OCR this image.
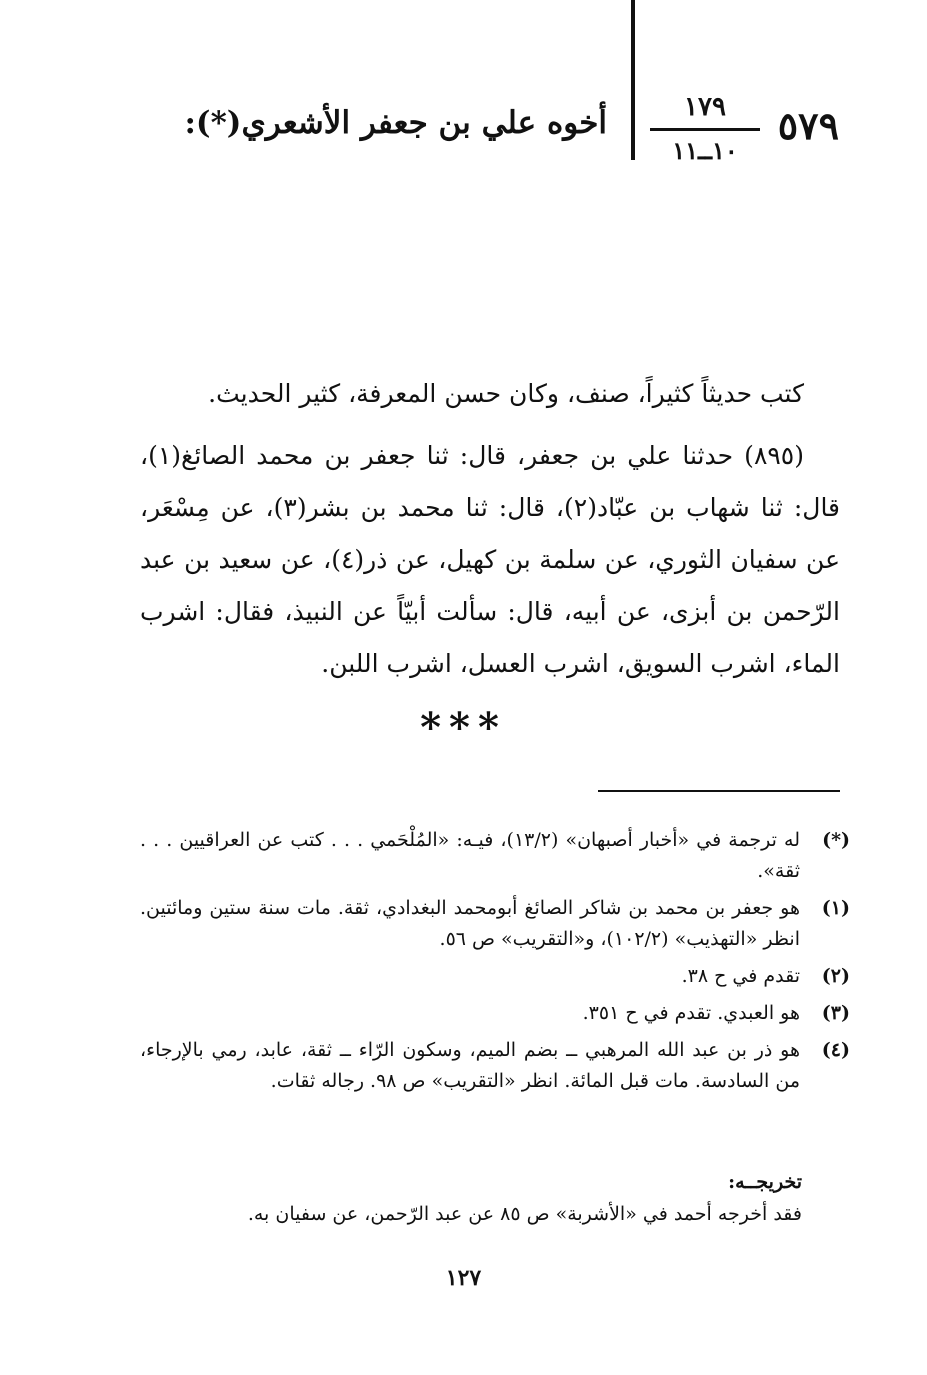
٥٧٩
١٧٩
١٠ــ١١
أخوه علي بن جعفر الأشعري(*):

كتب حديثاً كثيراً، صنف، وكان حسن المعرفة، كثير الحديث.

(٨٩٥) حدثنا علي بن جعفر، قال: ثنا جعفر بن محمد الصائغ(١)، قال: ثنا شهاب بن عبّاد(٢)، قال: ثنا محمد بن بشر(٣)، عن مِسْعَر، عن سفيان الثوري، عن سلمة بن كهيل، عن ذر(٤)، عن سعيد بن عبد الرّحمن بن أبزى، عن أبيه، قال: سألت أبيّاً عن النبيذ، فقال: اشرب الماء، اشرب السويق، اشرب العسل، اشرب اللبن.

***
(*)
له ترجمة في «أخبار أصبهان» (١٣/٢)، فيـه: «المُلْحَمي . . . كتب عن العراقيين . . . ثقة».
(١)
هو جعفر بن محمد بن شاكر الصائغ أبومحمد البغدادي، ثقة. مات سنة ستين ومائتين. انظر «التهذيب» (١٠٢/٢)، و«التقريب» ص ٥٦.
(٢)
تقدم في ح ٣٨.
(٣)
هو العبدي. تقدم في ح ٣٥١.
(٤)
هو ذر بن عبد الله المرهبي ــ بضم الميم، وسكون الرّاء ــ ثقة، عابد، رمي بالإرجاء، من السادسة. مات قبل المائة. انظر «التقريب» ص ٩٨. رجاله ثقات.

تخريجــه:

فقد أخرجه أحمد في «الأشربة» ص ٨٥ عن عبد الرّحمن، عن سفيان به.

١٢٧
